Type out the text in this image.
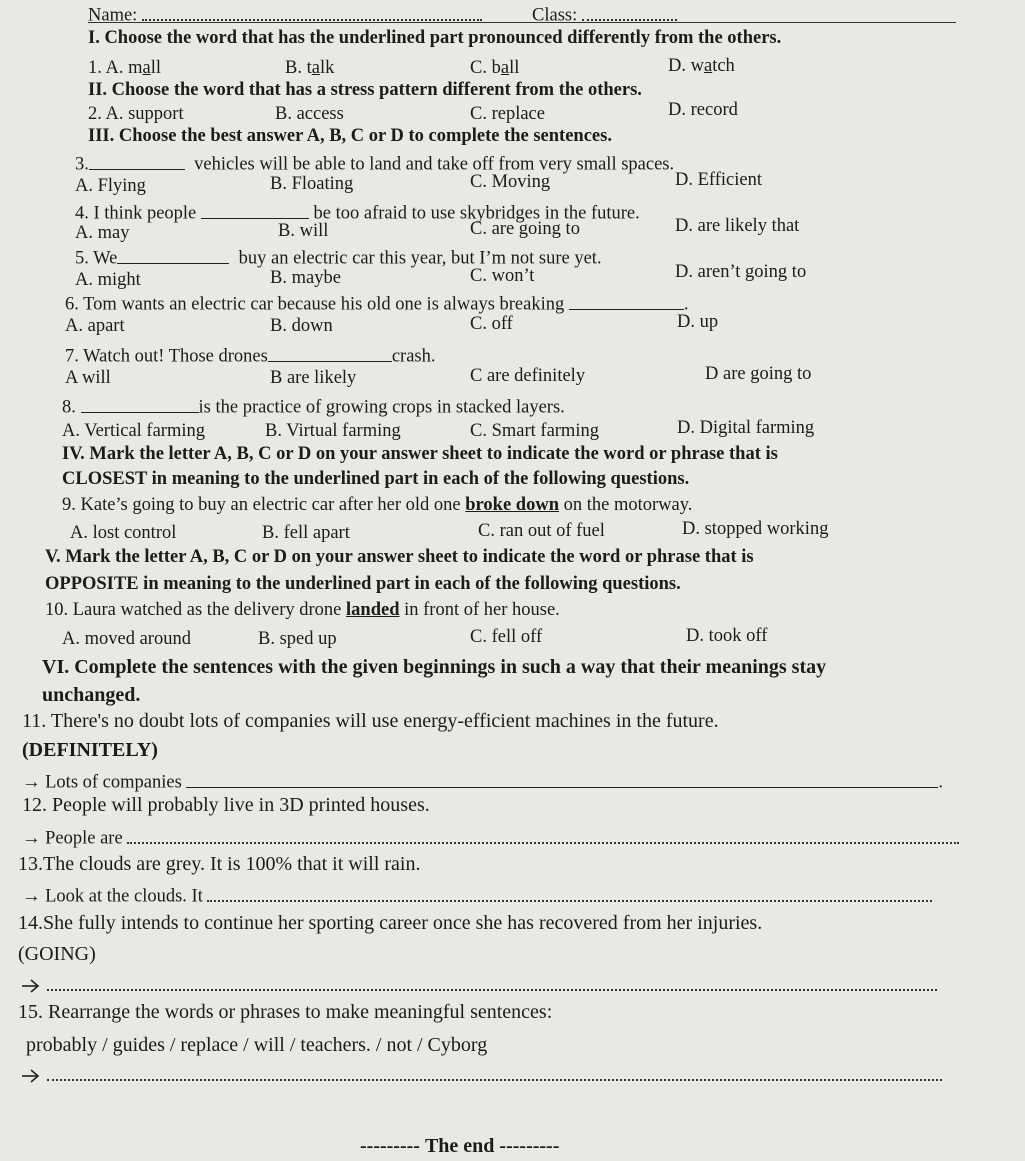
Name:	Class:
I. Choose the word that has the underlined part pronounced differently from the others.
1. A. mall	B. talk	C. ball	D. watch
II. Choose the word that has a stress pattern different from the others.
2. A. support	B. access	C. replace	D. record
III. Choose the best answer A, B, C or D to complete the sentences.
3.	vehicles will be able to land and take off from very small spaces.
A. Flying	B. Floating	C. Moving	D. Efficient
4. I think people	be too afraid to use skybridges in the future.
A. may	B. will	C. are going to	D. are likely that
5. We	buy an electric car this year, but I’m not sure yet.
A. might	B. maybe	C. won’t	D. aren’t going to
6. Tom wants an electric car because his old one is always breaking	.
A. apart	B. down	C. off	D. up
7. Watch out! Those drones	crash.
A will	B are likely	C are definitely	D are going to
8.	is the practice of growing crops in stacked layers.
A. Vertical farming	B. Virtual farming	C. Smart farming	D. Digital farming
IV. Mark the letter A, B, C or D on your answer sheet to indicate the word or phrase that is
CLOSEST in meaning to the underlined part in each of the following questions.
9. Kate’s going to buy an electric car after her old one broke down on the motorway.
A. lost control	B. fell apart	C. ran out of fuel	D. stopped working
V. Mark the letter A, B, C or D on your answer sheet to indicate the word or phrase that is
OPPOSITE in meaning to the underlined part in each of the following questions.
10. Laura watched as the delivery drone landed in front of her house.
A. moved around	B. sped up	C. fell off	D. took off
VI. Complete the sentences with the given beginnings in such a way that their meanings stay
unchanged.
11. There's no doubt lots of companies will use energy-efficient machines in the future.
(DEFINITELY)
→ Lots of companies	.
12. People will probably live in 3D printed houses.
→ People are
13.The clouds are grey. It is 100% that it will rain.
→ Look at the clouds. It
14.She fully intends to continue her sporting career once she has recovered from her injuries.
(GOING)

15. Rearrange the words or phrases to make meaningful sentences:
probably / guides / replace / will / teachers. / not / Cyborg

--------- The end ---------
